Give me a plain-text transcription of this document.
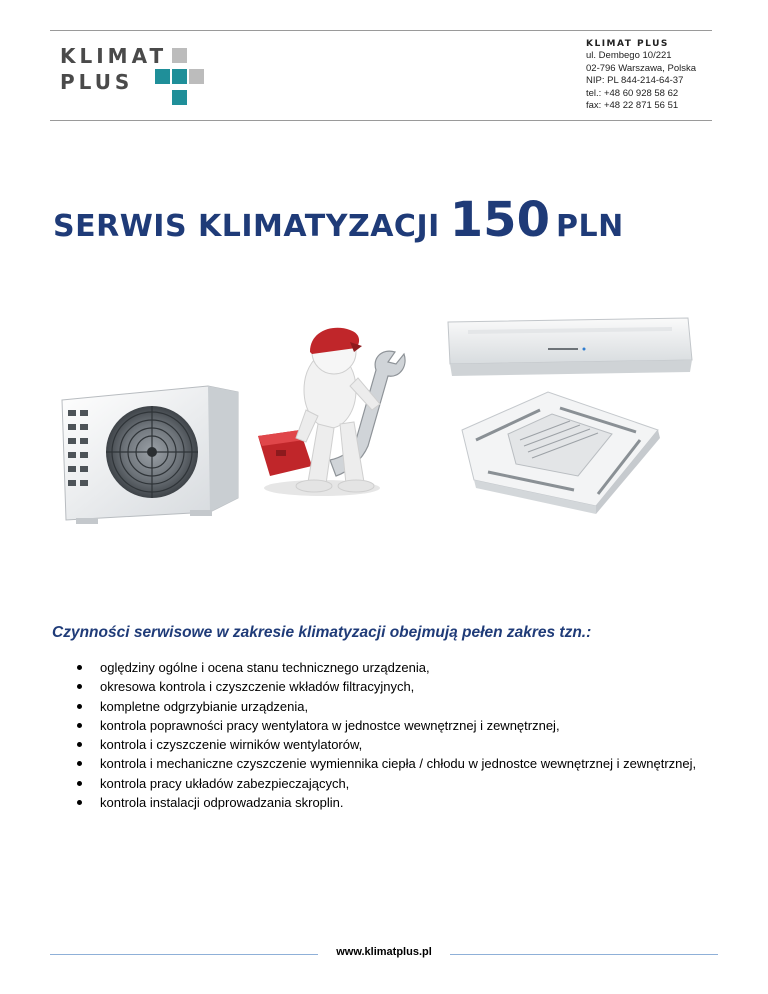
KLIMAT
PLUS
KLIMAT PLUS
ul. Dembego 10/221
02-796 Warszawa, Polska
NIP: PL 844-214-64-37
tel.: +48 60 928 58 62
fax: +48 22 871 56 51
SERWIS KLIMATYZACJI 150 PLN
Czynności serwisowe w zakresie klimatyzacji obejmują pełen zakres tzn.:
oględziny ogólne i ocena stanu technicznego urządzenia,
okresowa kontrola i czyszczenie wkładów filtracyjnych,
kompletne odgrzybianie urządzenia,
kontrola poprawności pracy wentylatora w jednostce wewnętrznej i zewnętrznej,
kontrola i czyszczenie wirników wentylatorów,
kontrola i mechaniczne czyszczenie wymiennika ciepła / chłodu w jednostce wewnętrznej i zewnętrznej,
kontrola pracy układów zabezpieczających,
kontrola instalacji odprowadzania skroplin.
www.klimatplus.pl
